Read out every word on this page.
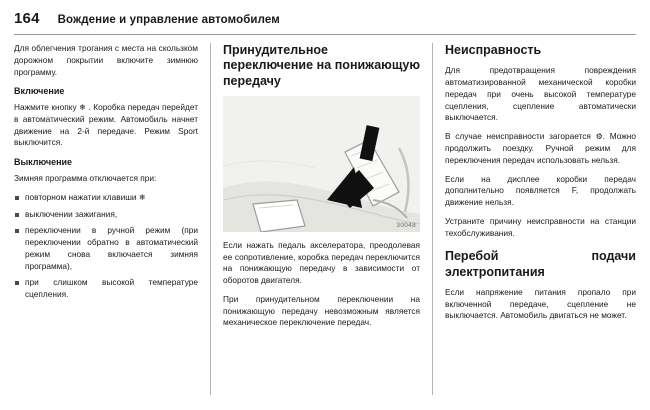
164 Вождение и управление автомобилем

Для облегчения трогания с места на скользком дорожном покрытии включите зимнюю программу.

Включение

Нажмите кнопку ❄ . Коробка передач перейдет в автоматический режим. Автомобиль начнет движение на 2-й передаче. Режим Sport выключится.

Выключение

Зимняя программа отключается при:

повторном нажатии клавиши ❄
выключении зажигания,
переключении в ручной режим (при переключении обратно в автоматический режим снова включается зимняя программа),
при слишком высокой температуре сцепления.
Принудительное переключение на понижающую передачу
30048

Если нажать педаль акселератора, преодолевая ее сопротивление, коробка передач переключится на понижающую передачу в зависимости от оборотов двигателя.

При принудительном переключении на понижающую передачу невозможным является механическое переключение передач.

Неисправность

Для предотвращения повреждения автоматизированной механической коробки передач при очень высокой температуре сцепления, сцепление автоматически выключается.

В случае неисправности загорается ⚙. Можно продолжить поездку. Ручной режим для переключения передач использовать нельзя.

Если на дисплее коробки передач дополнительно появляется F, продолжать движение нельзя.

Устраните причину неисправности на станции техобслуживания.

Перебой подачи электропитания

Если напряжение питания пропало при включенной передаче, сцепление не выключается. Автомобиль двигаться не может.
